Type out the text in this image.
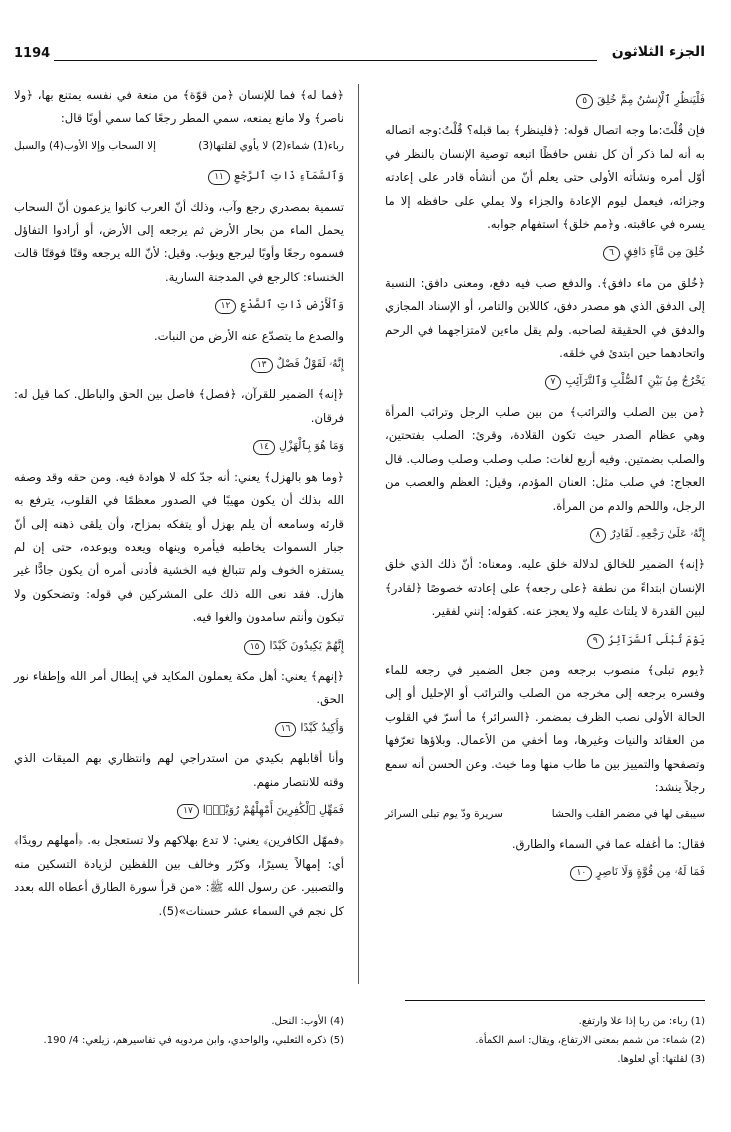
1194	الجزء الثلاثون
فَلْيَنظُرِ ٱلْإِنسَٰنُ مِمَّ خُلِقَ٥

فإن قُلْتَ:ما وجه اتصال قوله: ﴿فلينظر﴾ بما قبله؟ قُلْتُ:وجه اتصاله به أنه لما ذكر أن كل نفس حافظًا اتبعه توصية الإنسان بالنظر في أوّل أمره ونشأته الأولى حتى يعلم أنّ من أنشأه قادر على إعادته وجزائه، فيعمل ليوم الإعادة والجزاء ولا يملي على حافظه إلا ما يسره في عاقبته. و﴿مم خلق﴾ استفهام جوابه.

خُلِقَ مِن مَّآءٍ دَافِقٍ٦

﴿خُلق من ماء دافق﴾. والدفع صب فيه دفع، ومعنى دافق: النسبة إلى الدفق الذي هو مصدر دفق، كاللابن والتامر، أو الإسناد المجازي والدفق في الحقيقة لصاحبه. ولم يقل ماءين لامتزاجهما في الرحم واتحادهما حين ابتدئ في خلقه.

يَخْرُجُ مِنۢ بَيْنِ ٱلصُّلْبِ وَٱلتَّرَآئِبِ٧

﴿من بين الصلب والترائب﴾ من بين صلب الرجل وترائب المرأة وهي عظام الصدر حيث تكون القلادة، وقرئ: الصلب بفتحتين، والصلب بضمتين. وفيه أربع لغات: صلب وصلب وصلب وصالب. قال العجاج: في صلب مثل: العنان المؤدم، وقيل: العظم والعصب من الرجل، واللحم والدم من المرأة.

إِنَّهُۥ عَلَىٰ رَجْعِهِۦ لَقَادِرٌ٨

﴿إنه﴾ الضمير للخالق لدلالة خلق عليه. ومعناه: أنّ ذلك الذي خلق الإنسان ابتداءً من نطفة ﴿على رجعه﴾ على إعادته خصوصًا ﴿لقادر﴾ لبين القدرة لا يلتاث عليه ولا يعجز عنه. كقوله: إنني لفقير.

يَوْمَ تُبْلَى ٱلسَّرَآئِرُ٩

﴿يوم تبلى﴾ منصوب برجعه ومن جعل الضمير في رجعه للماء وفسره برجعه إلى مخرجه من الصلب والترائب أو الإحليل أو إلى الحالة الأولى نصب الظرف بمضمر. ﴿السرائر﴾ ما أسرّ في القلوب من العقائد والنيات وغيرها، وما أخفي من الأعمال. وبلاؤها تعرّفها وتصفحها والتمييز بين ما طاب منها وما خبث. وعن الحسن أنه سمع رجلاً ينشد:

سيبقى لها في مضمر القلب والحشا
سريرة ودّ يوم تبلى السرائر

فقال: ما أغفله عما في السماء والطارق.

فَمَا لَهُۥ مِن قُوَّةٍ وَلَا نَاصِرٍ١٠

﴿فما له﴾ فما للإنسان ﴿من قوّة﴾ من منعة في نفسه يمتنع بها، ﴿ولا ناصر﴾ ولا مانع يمنعه، سمي المطر رجعًا كما سمي أوبًا قال:

رباء(1) شماء(2) لا يأوي لقلتها(3)
إلا السحاب وإلا الأوب(4) والسبل
وَٱلسَّمَآءِ ذَاتِ ٱلرَّجْعِ١١

تسمية بمصدري رجع وآب، وذلك أنّ العرب كانوا يزعمون أنّ السحاب يحمل الماء من بحار الأرض ثم يرجعه إلى الأرض، أو أرادوا التفاؤل فسموه رجعًا وأوبًا ليرجع ويؤب. وقيل: لأنّ الله يرجعه وقتًا فوقتًا قالت الخنساء: كالرجع في المدجنة السارية.

وَٱلْأَرْضِ ذَاتِ ٱلصَّدْعِ١٢

والصدع ما يتصدّع عنه الأرض من النبات.

إِنَّهُۥ لَقَوْلٌ فَصْلٌ١٣

﴿إنه﴾ الضمير للقرآن، ﴿فصل﴾ فاصل بين الحق والباطل. كما قيل له: فرقان.

وَمَا هُوَ بِٱلْهَزْلِ١٤

﴿وما هو بالهزل﴾ يعني: أنه جدّ كله لا هوادة فيه. ومن حقه وقد وصفه الله بذلك أن يكون مهيبًا في الصدور معظمًا في القلوب، يترفع به قارئه وسامعه أن يلم بهزل أو يتفكه بمزاح، وأن يلقى ذهنه إلى أنّ جبار السموات يخاطبه فيأمره وينهاه ويعده ويوعده، حتى إن لم يستفزه الخوف ولم تتبالغ فيه الخشية فأدنى أمره أن يكون جادًّا غير هازل. فقد نعى الله ذلك على المشركين في قوله: وتضحكون ولا تبكون وأنتم سامدون والغوا فيه.

إِنَّهُمْ يَكِيدُونَ كَيْدًا١٥

﴿إنهم﴾ يعني: أهل مكة يعملون المكايد في إبطال أمر الله وإطفاء نور الحق.

وَأَكِيدُ كَيْدًا١٦

وأنا أقابلهم بكيدي من استدراجي لهم وانتظاري بهم الميقات الذي وقته للانتصار منهم.

فَمَهِّلِ ٱلْكَٰفِرِينَ أَمْهِلْهُمْ رُوَيْدًۢا١٧

﴿فمهّل الكافرين﴾ يعني: لا تدع بهلاكهم ولا تستعجل به. ﴿أمهلهم رويدًا﴾ أي: إمهالاً يسيرًا، وكرّر وخالف بين اللفظين لزيادة التسكين منه والتصبير. عن رسول الله ﷺ: «من قرأ سورة الطارق أعطاه الله بعدد كل نجم في السماء عشر حسنات»(5).

(1) رباء: من ربا إذا علا وارتفع.
(2) شماء: من شمم بمعنى الارتفاع، ويقال: اسم الكمأة.
(3) لقلتها: أي لعلوها.
(4) الأوب: النحل.
(5) ذكره الثعلبي، والواحدي، وابن مردويه في تفاسيرهم، زيلعي: 4/ 190.
